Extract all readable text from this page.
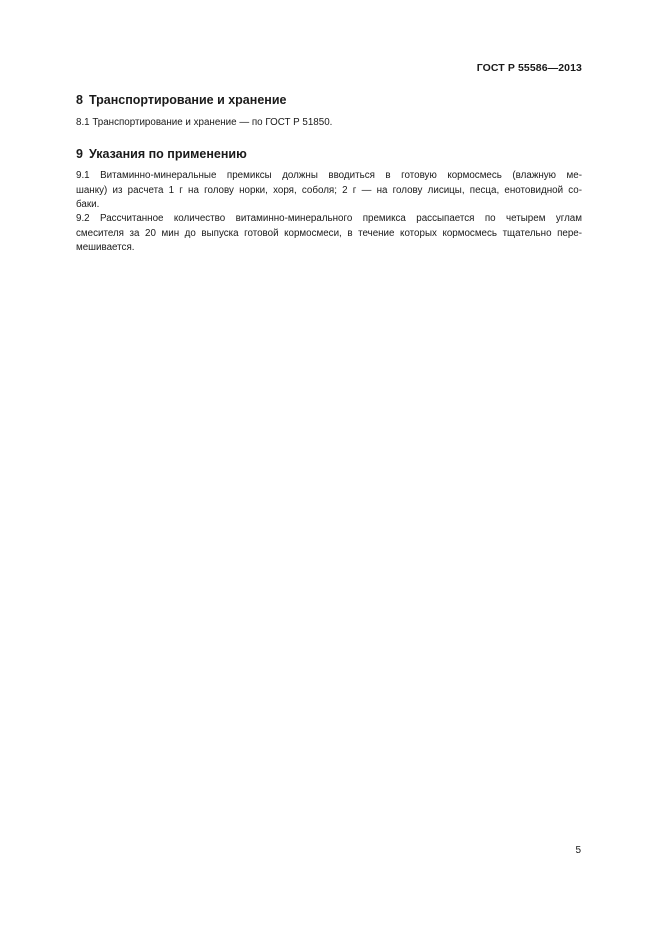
ГОСТ Р 55586—2013
8 Транспортирование и хранение
8.1 Транспортирование и хранение — по ГОСТ Р 51850.
9 Указания по применению
9.1 Витаминно-минеральные премиксы должны вводиться в готовую кормосмесь (влажную ме-
шанку) из расчета 1 г на голову норки, хоря, соболя; 2 г — на голову лисицы, песца, енотовидной со-
баки.
9.2 Рассчитанное количество витаминно-минерального премикса рассыпается по четырем углам
смесителя за 20 мин до выпуска готовой кормосмеси, в течение которых кормосмесь тщательно пере-
мешивается.
5
